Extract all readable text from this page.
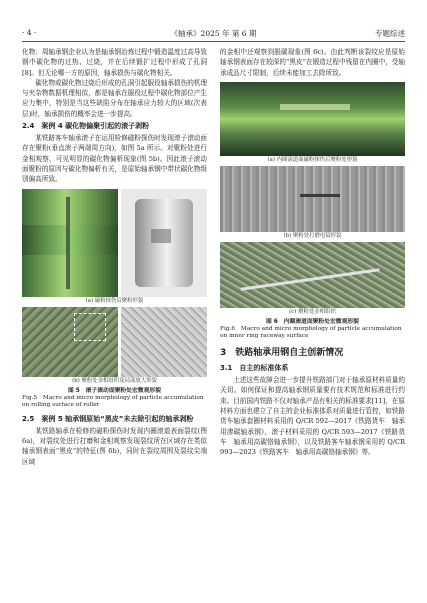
· 4 ·	《轴承》2025 年 第 6 期	专题综述

化物；周轴承钢企业认为是轴承钢冶炼过程中锻造温度过高导致钢中碳化物的过热、过烧，并在后续锻扩过程中形成了孔洞[8]。但无论哪一方的原因，轴承损伤与碳化物相关。

碳化物或碳化物过烧后形成的孔洞引起服役轴承损伤的机理与夹杂物数据机理相似，都是轴承在服役过程中碳化物部位产生应力集中，特别是当这些缺陷分布在轴承应力较大的区域(次表层)时，轴承损伤的概率会进一步提高。

2.4　案例 4 碳化物偏聚引起的滚子剥粉

某铁路客车轴承滚子在运用检修磁粉探伤时发现滚子滚动面存在聚粉(垂直滚子两端周方向)，如图 5a 所示。对聚粉处进行金相观察，可见明显的碳化物偏析现象(图 5b)。因此滚子滚动面聚粉的原因与碳化物偏析有关，是原始轴承钢中带状碳化物级别偏高所致。

(a) 磁粉探伤后聚粉形貌
(b) 聚粉处金相组织及局部放大形貌
图 5　滚子滚动面聚粉处宏微观形貌
Fig.5　Macro and micro morphology of particle accumulation on rolling surface of roller
2.5　案例 5 轴承钢原始“黑皮”未去除引起的轴承剥粉

某铁路轴承在检修的磁粉探伤时发现内圈滚道表面裂纹(图 6a)，对裂纹处进行打磨和金相观察发现裂纹所在区域存在类似轴承钢表面“黑皮”的特征(图 6b)，同时在裂纹周围及裂纹尖端区域

的金相中还观察到脱碳现象(图 6c)。由此判断该裂纹应是原始轴承钢表面存在较深的“黑皮”在锻造过程中残留在内圈中，受轴承成品尺寸限制，后续未能加工去除所致。

(a) 内圈滚道面磁粉探伤后聚粉处形貌
(b) 聚粉处打磨电镜形貌
(c) 聚粉处金相组织
图 6　内圈滚道面聚粉处宏微观形貌
Fig.6　Macro and micro morphology of particle accumulation on inner ring raceway surface
3　铁路轴承用钢自主创新情况
3.1　自主的标准体系

上述这些故障会进一步提升铁路部门对于轴承原材料质量的关切。如何保证和提高轴承钢质量要有技术规范和标准进行约束。目前国内铁路不仅对轴承产品有相关的标准要求[11]，在原材料方面也建立了自主的企业标准体系对质量进行管控，如铁路货车轴承套圈材料采用的 Q/CR 592—2017《铁路货车　轴承用渗碳轴承钢》，滚子材料采用的 Q/CR 593—2017《铁路货车　轴承用高碳铬轴承钢》，以及铁路客车轴承钢采用的 Q/CR 993—2023《铁路客车　轴承用高碳铬轴承钢》等。
